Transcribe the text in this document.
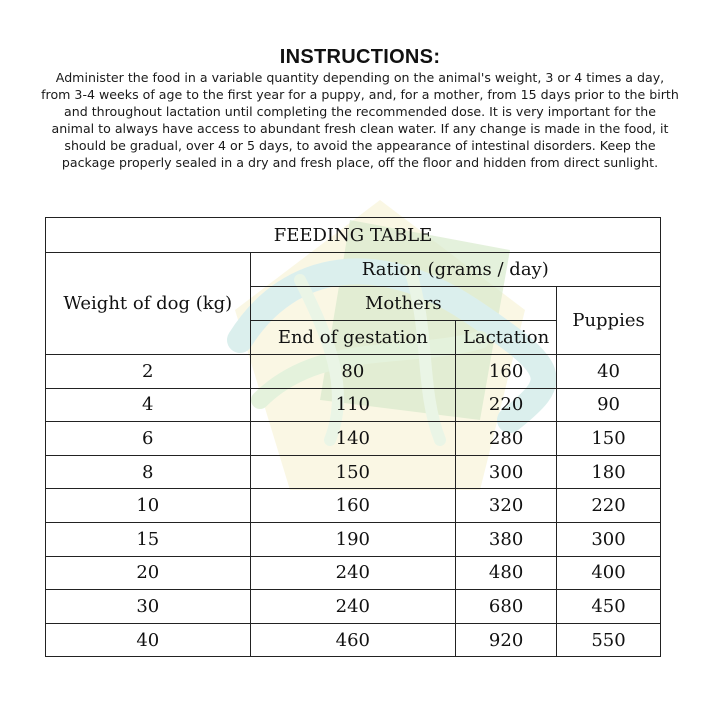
INSTRUCTIONS:
Administer the food in a variable quantity depending on the animal's weight, 3 or 4 times a day,
from 3-4 weeks of age to the first year for a puppy, and, for a mother, from 15 days prior to the birth
and throughout lactation until completing the recommended dose. It is very important for the
animal to always have access to abundant fresh clean water. If any change is made in the food, it
should be gradual, over 4 or 5 days, to avoid the appearance of intestinal disorders. Keep the
package properly sealed in a dry and fresh place, off the floor and hidden from direct sunlight.
FEEDING TABLE			
Weight of dog (kg)	Ration (grams / day)		
	Mothers		Puppies
	End of gestation	Lactation	
2	80	160	40
4	110	220	90
6	140	280	150
8	150	300	180
10	160	320	220
15	190	380	300
20	240	480	400
30	240	680	450
40	460	920	550
